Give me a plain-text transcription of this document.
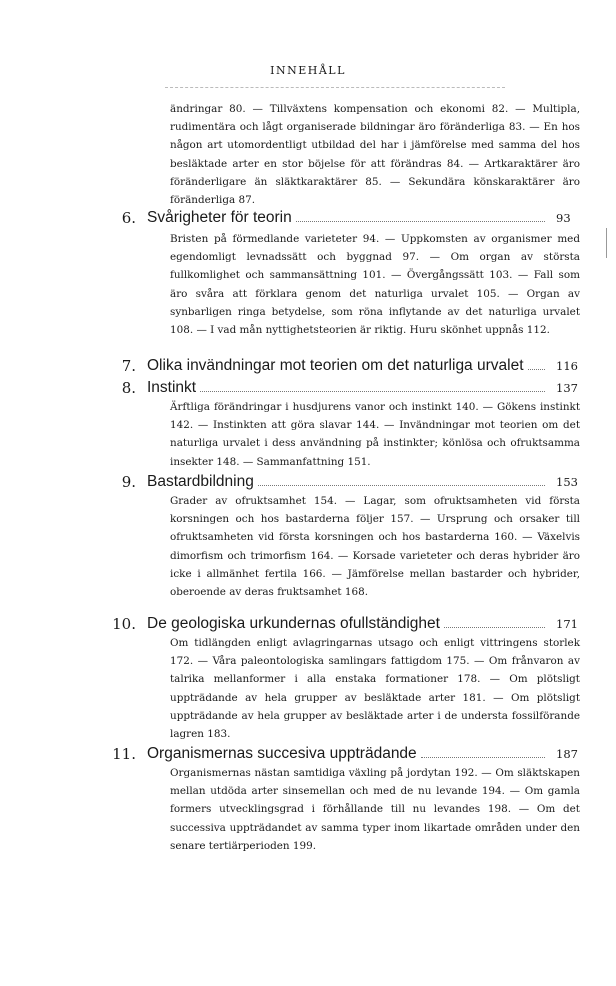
INNEHÅLL
ändringar 80. — Tillväxtens kompensation och ekonomi 82. — Multipla, rudimentära och lågt organiserade bildningar äro föränderliga 83. — En hos någon art utomordentligt utbildad del har i jämförelse med samma del hos besläktade arter en stor böjelse för att förändras 84. — Artkaraktärer äro föränderligare än släktkaraktärer 85. — Sekundära könskaraktärer äro föränderliga 87.
6. Svårigheter för teorin	93
Bristen på förmedlande varieteter 94. — Uppkomsten av organismer med egendomligt levnadssätt och byggnad 97. — Om organ av största fullkomlighet och sammansättning 101. — Övergångssätt 103. — Fall som äro svåra att förklara genom det naturliga urvalet 105. — Organ av synbarligen ringa betydelse, som röna inflytande av det naturliga urvalet 108. — I vad mån nyttighetsteorien är riktig. Huru skönhet uppnås 112.
7. Olika invändningar mot teorien om det naturliga urvalet	116
8. Instinkt	137
Ärftliga förändringar i husdjurens vanor och instinkt 140. — Gökens instinkt 142. — Instinkten att göra slavar 144. — Invändningar mot teorien om det naturliga urvalet i dess användning på instinkter; könlösa och ofruktsamma insekter 148. — Sammanfattning 151.
9. Bastardbildning	153
Grader av ofruktsamhet 154. — Lagar, som ofruktsamheten vid första korsningen och hos bastarderna följer 157. — Ursprung och orsaker till ofruktsamheten vid första korsningen och hos bastarderna 160. — Växelvis dimorfism och trimorfism 164. — Korsade varieteter och deras hybrider äro icke i allmänhet fertila 166. — Jämförelse mellan bastarder och hybrider, oberoende av deras fruktsamhet 168.
10. De geologiska urkundernas ofullständighet	171
Om tidlängden enligt avlagringarnas utsago och enligt vittringens storlek 172. — Våra paleontologiska samlingars fattigdom 175. — Om frånvaron av talrika mellanformer i alla enstaka formationer 178. — Om plötsligt uppträdande av hela grupper av besläktade arter 181. — Om plötsligt uppträdande av hela grupper av besläktade arter i de understa fossilförande lagren 183.
11. Organismernas succesiva uppträdande	187
Organismernas nästan samtidiga växling på jordytan 192. — Om släktskapen mellan utdöda arter sinsemellan och med de nu levande 194. — Om gamla formers utvecklingsgrad i förhållande till nu levandes 198. — Om det successiva uppträdandet av samma typer inom likartade områden under den senare tertiärperioden 199.
